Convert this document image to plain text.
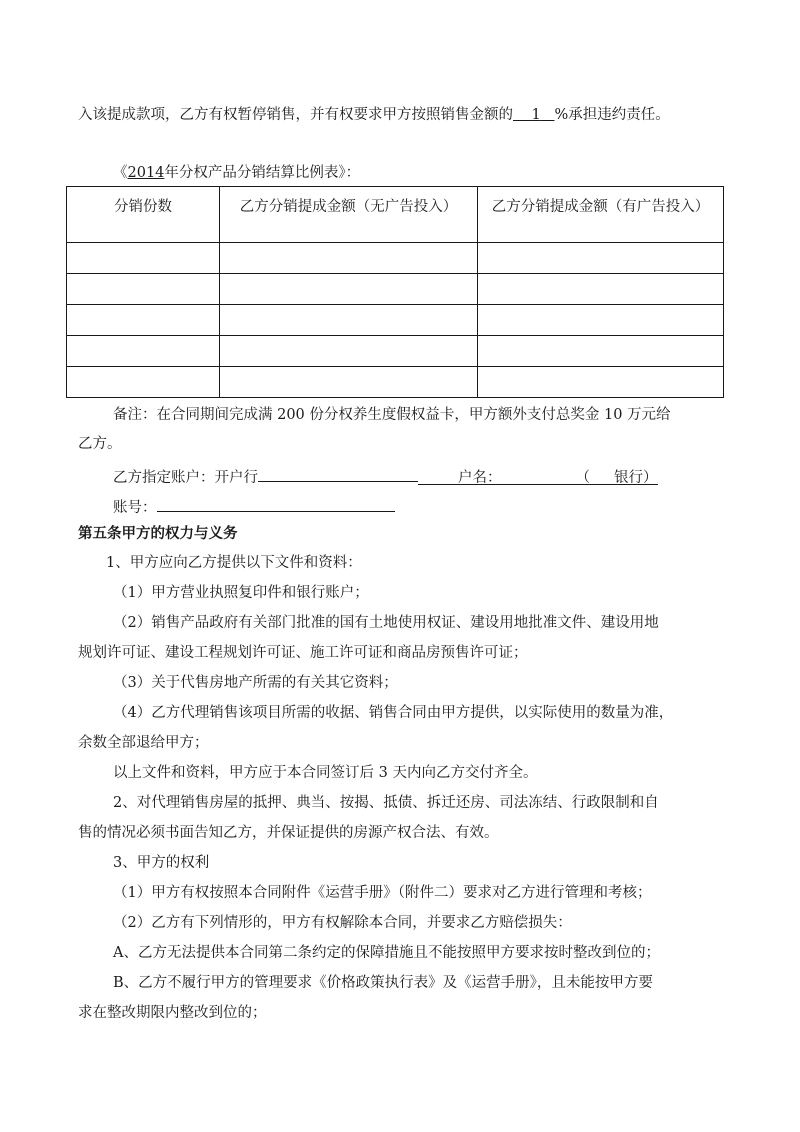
入该提成款项，乙方有权暂停销售，并有权要求甲方按照销售金额的 1 %承担违约责任。

《2014年分权产品分销结算比例表》：

分销份数	乙方分销提成金额（无广告投入）	乙方分销提成金额（有广告投入）

备注：在合同期间完成满 200 份分权养生度假权益卡，甲方额外支付总奖金 10 万元给

乙方。

乙方指定账户：开户行	户名：	（ 银行）

账号：

第五条甲方的权力与义务

1、甲方应向乙方提供以下文件和资料：

（1）甲方营业执照复印件和银行账户；

（2）销售产品政府有关部门批准的国有土地使用权证、建设用地批准文件、建设用地

规划许可证、建设工程规划许可证、施工许可证和商品房预售许可证；

（3）关于代售房地产所需的有关其它资料；

（4）乙方代理销售该项目所需的收据、销售合同由甲方提供，以实际使用的数量为准，

余数全部退给甲方；

以上文件和资料，甲方应于本合同签订后 3 天内向乙方交付齐全。

2、对代理销售房屋的抵押、典当、按揭、抵债、拆迁还房、司法冻结、行政限制和自

售的情况必须书面告知乙方，并保证提供的房源产权合法、有效。

3、甲方的权利

（1）甲方有权按照本合同附件《运营手册》（附件二）要求对乙方进行管理和考核；

（2）乙方有下列情形的，甲方有权解除本合同，并要求乙方赔偿损失：

A、乙方无法提供本合同第二条约定的保障措施且不能按照甲方要求按时整改到位的；

B、乙方不履行甲方的管理要求《价格政策执行表》及《运营手册》，且未能按甲方要

求在整改期限内整改到位的；
